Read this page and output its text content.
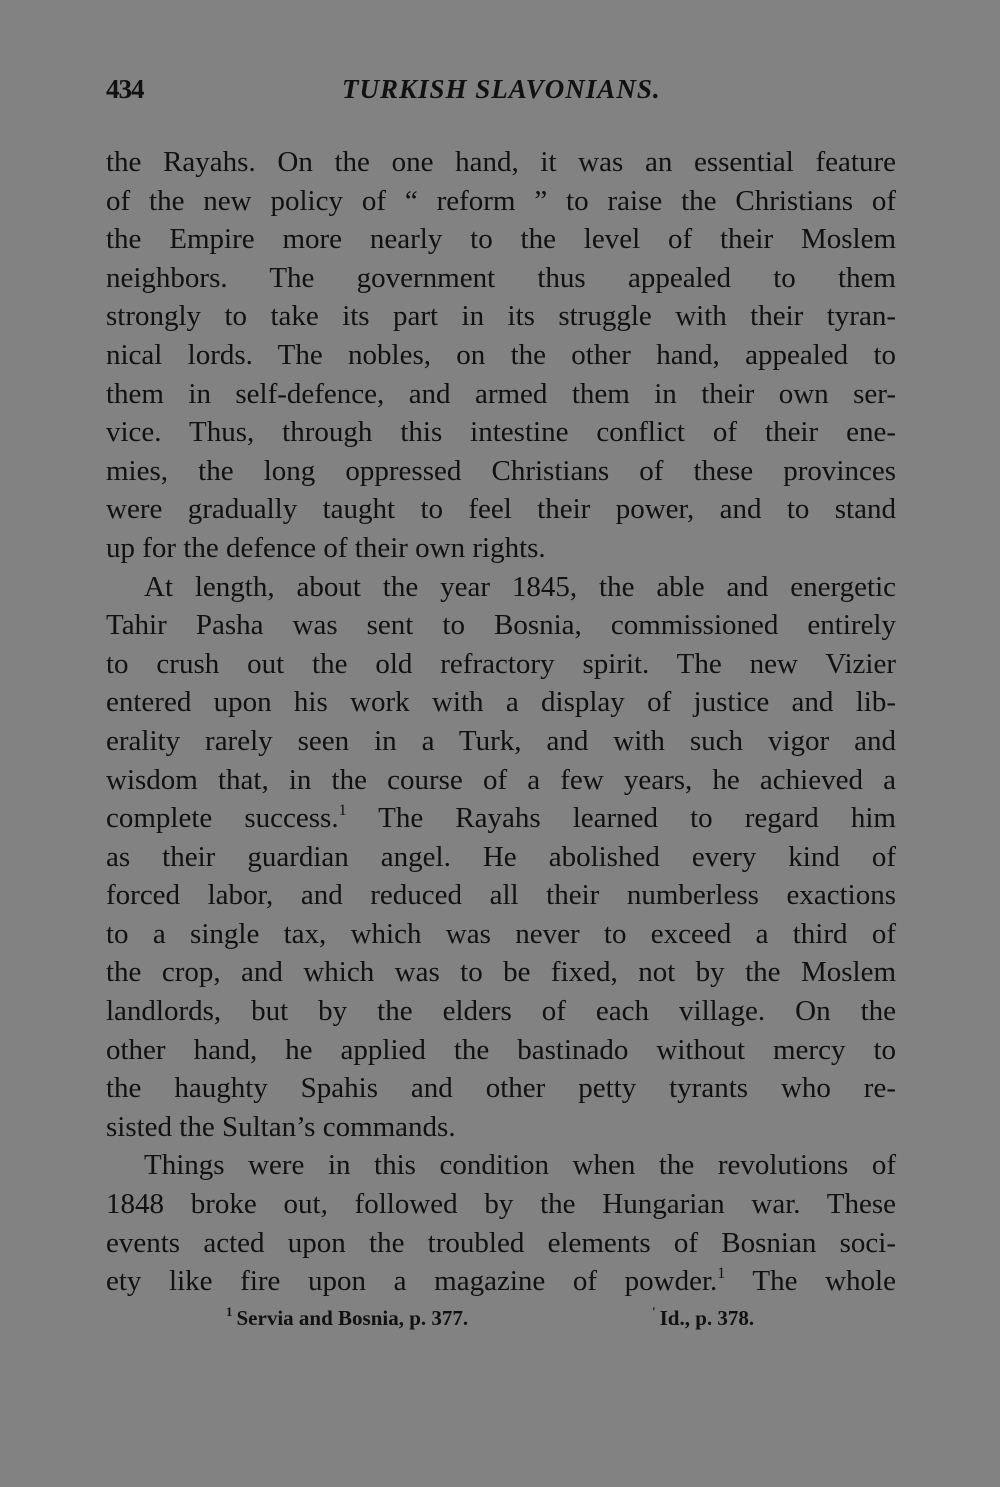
434	TURKISH SLAVONIANS.
the Rayahs. On the one hand, it was an essential feature
of the new policy of “ reform ” to raise the Christians of
the Empire more nearly to the level of their Moslem
neighbors. The government thus appealed to them
strongly to take its part in its struggle with their tyran-
nical lords. The nobles, on the other hand, appealed to
them in self-defence, and armed them in their own ser-
vice. Thus, through this intestine conflict of their ene-
mies, the long oppressed Christians of these provinces
were gradually taught to feel their power, and to stand
up for the defence of their own rights.
At length, about the year 1845, the able and energetic
Tahir Pasha was sent to Bosnia, commissioned entirely
to crush out the old refractory spirit. The new Vizier
entered upon his work with a display of justice and lib-
erality rarely seen in a Turk, and with such vigor and
wisdom that, in the course of a few years, he achieved a
complete success.$^1$ The Rayahs learned to regard him
as their guardian angel. He abolished every kind of
forced labor, and reduced all their numberless exactions
to a single tax, which was never to exceed a third of
the crop, and which was to be fixed, not by the Moslem
landlords, but by the elders of each village. On the
other hand, he applied the bastinado without mercy to
the haughty Spahis and other petty tyrants who re-
sisted the Sultan’s commands.
Things were in this condition when the revolutions of
1848 broke out, followed by the Hungarian war. These
events acted upon the troubled elements of Bosnian soci-
ety like fire upon a magazine of powder.$^1$ The whole
$^1$ Servia and Bosnia, p. 377.	' Id., p. 378.
